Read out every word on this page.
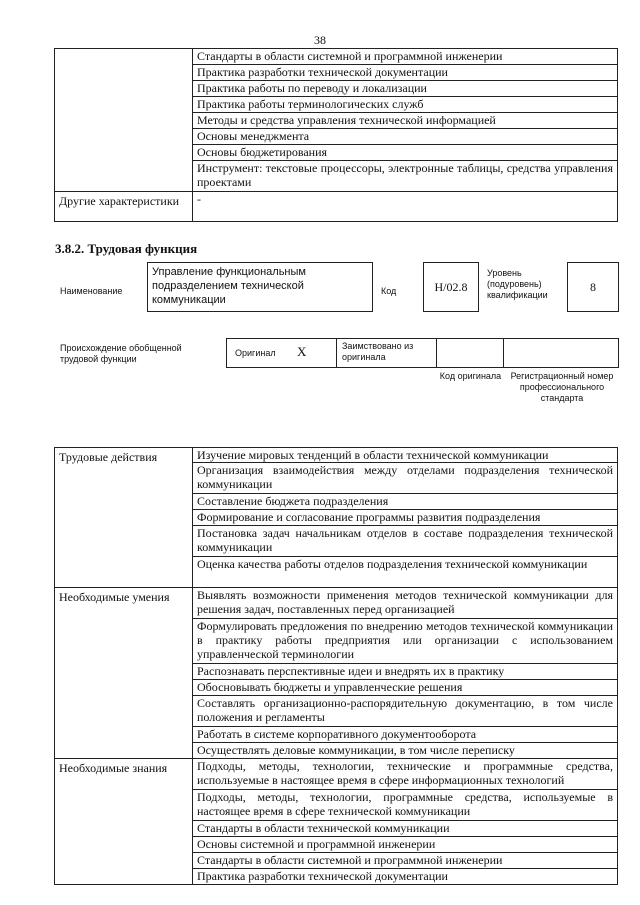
38
	Стандарты в области системной и программной инженерии
	Практика разработки технической документации
	Практика работы по переводу и локализации
	Практика работы терминологических служб
	Методы и средства управления технической информацией
	Основы менеджмента
	Основы бюджетирования
	Инструмент: текстовые процессоры, электронные таблицы, средства управления проектами
Другие характеристики	-
3.8.2. Трудовая функция
Наименование
Управление функциональным подразделением технической коммуникации
Код	H/02.8
Уровень (подуровень) квалификации
8
Происхождение обобщенной трудовой функции
Оригинал X	Заимствовано из оригинала
Код оригинала	Регистрационный номер профессионального стандарта
Трудовые действия	Изучение мировых тенденций в области технической коммуникации
	Организация взаимодействия между отделами подразделения технической коммуникации
	Составление бюджета подразделения
	Формирование и согласование программы развития подразделения
	Постановка задач начальникам отделов в составе подразделения технической коммуникации
	Оценка качества работы отделов подразделения технической коммуникации
Необходимые умения	Выявлять возможности применения методов технической коммуникации для решения задач, поставленных перед организацией
	Формулировать предложения по внедрению методов технической коммуникации в практику работы предприятия или организации с использованием управленческой терминологии
	Распознавать перспективные идеи и внедрять их в практику
	Обосновывать бюджеты и управленческие решения
	Составлять организационно-распорядительную документацию, в том числе положения и регламенты
	Работать в системе корпоративного документооборота
	Осуществлять деловые коммуникации, в том числе переписку
Необходимые знания	Подходы, методы, технологии, технические и программные средства, используемые в настоящее время в сфере информационных технологий
	Подходы, методы, технологии, программные средства, используемые в настоящее время в сфере технической коммуникации
	Стандарты в области технической коммуникации
	Основы системной и программной инженерии
	Стандарты в области системной и программной инженерии
	Практика разработки технической документации
